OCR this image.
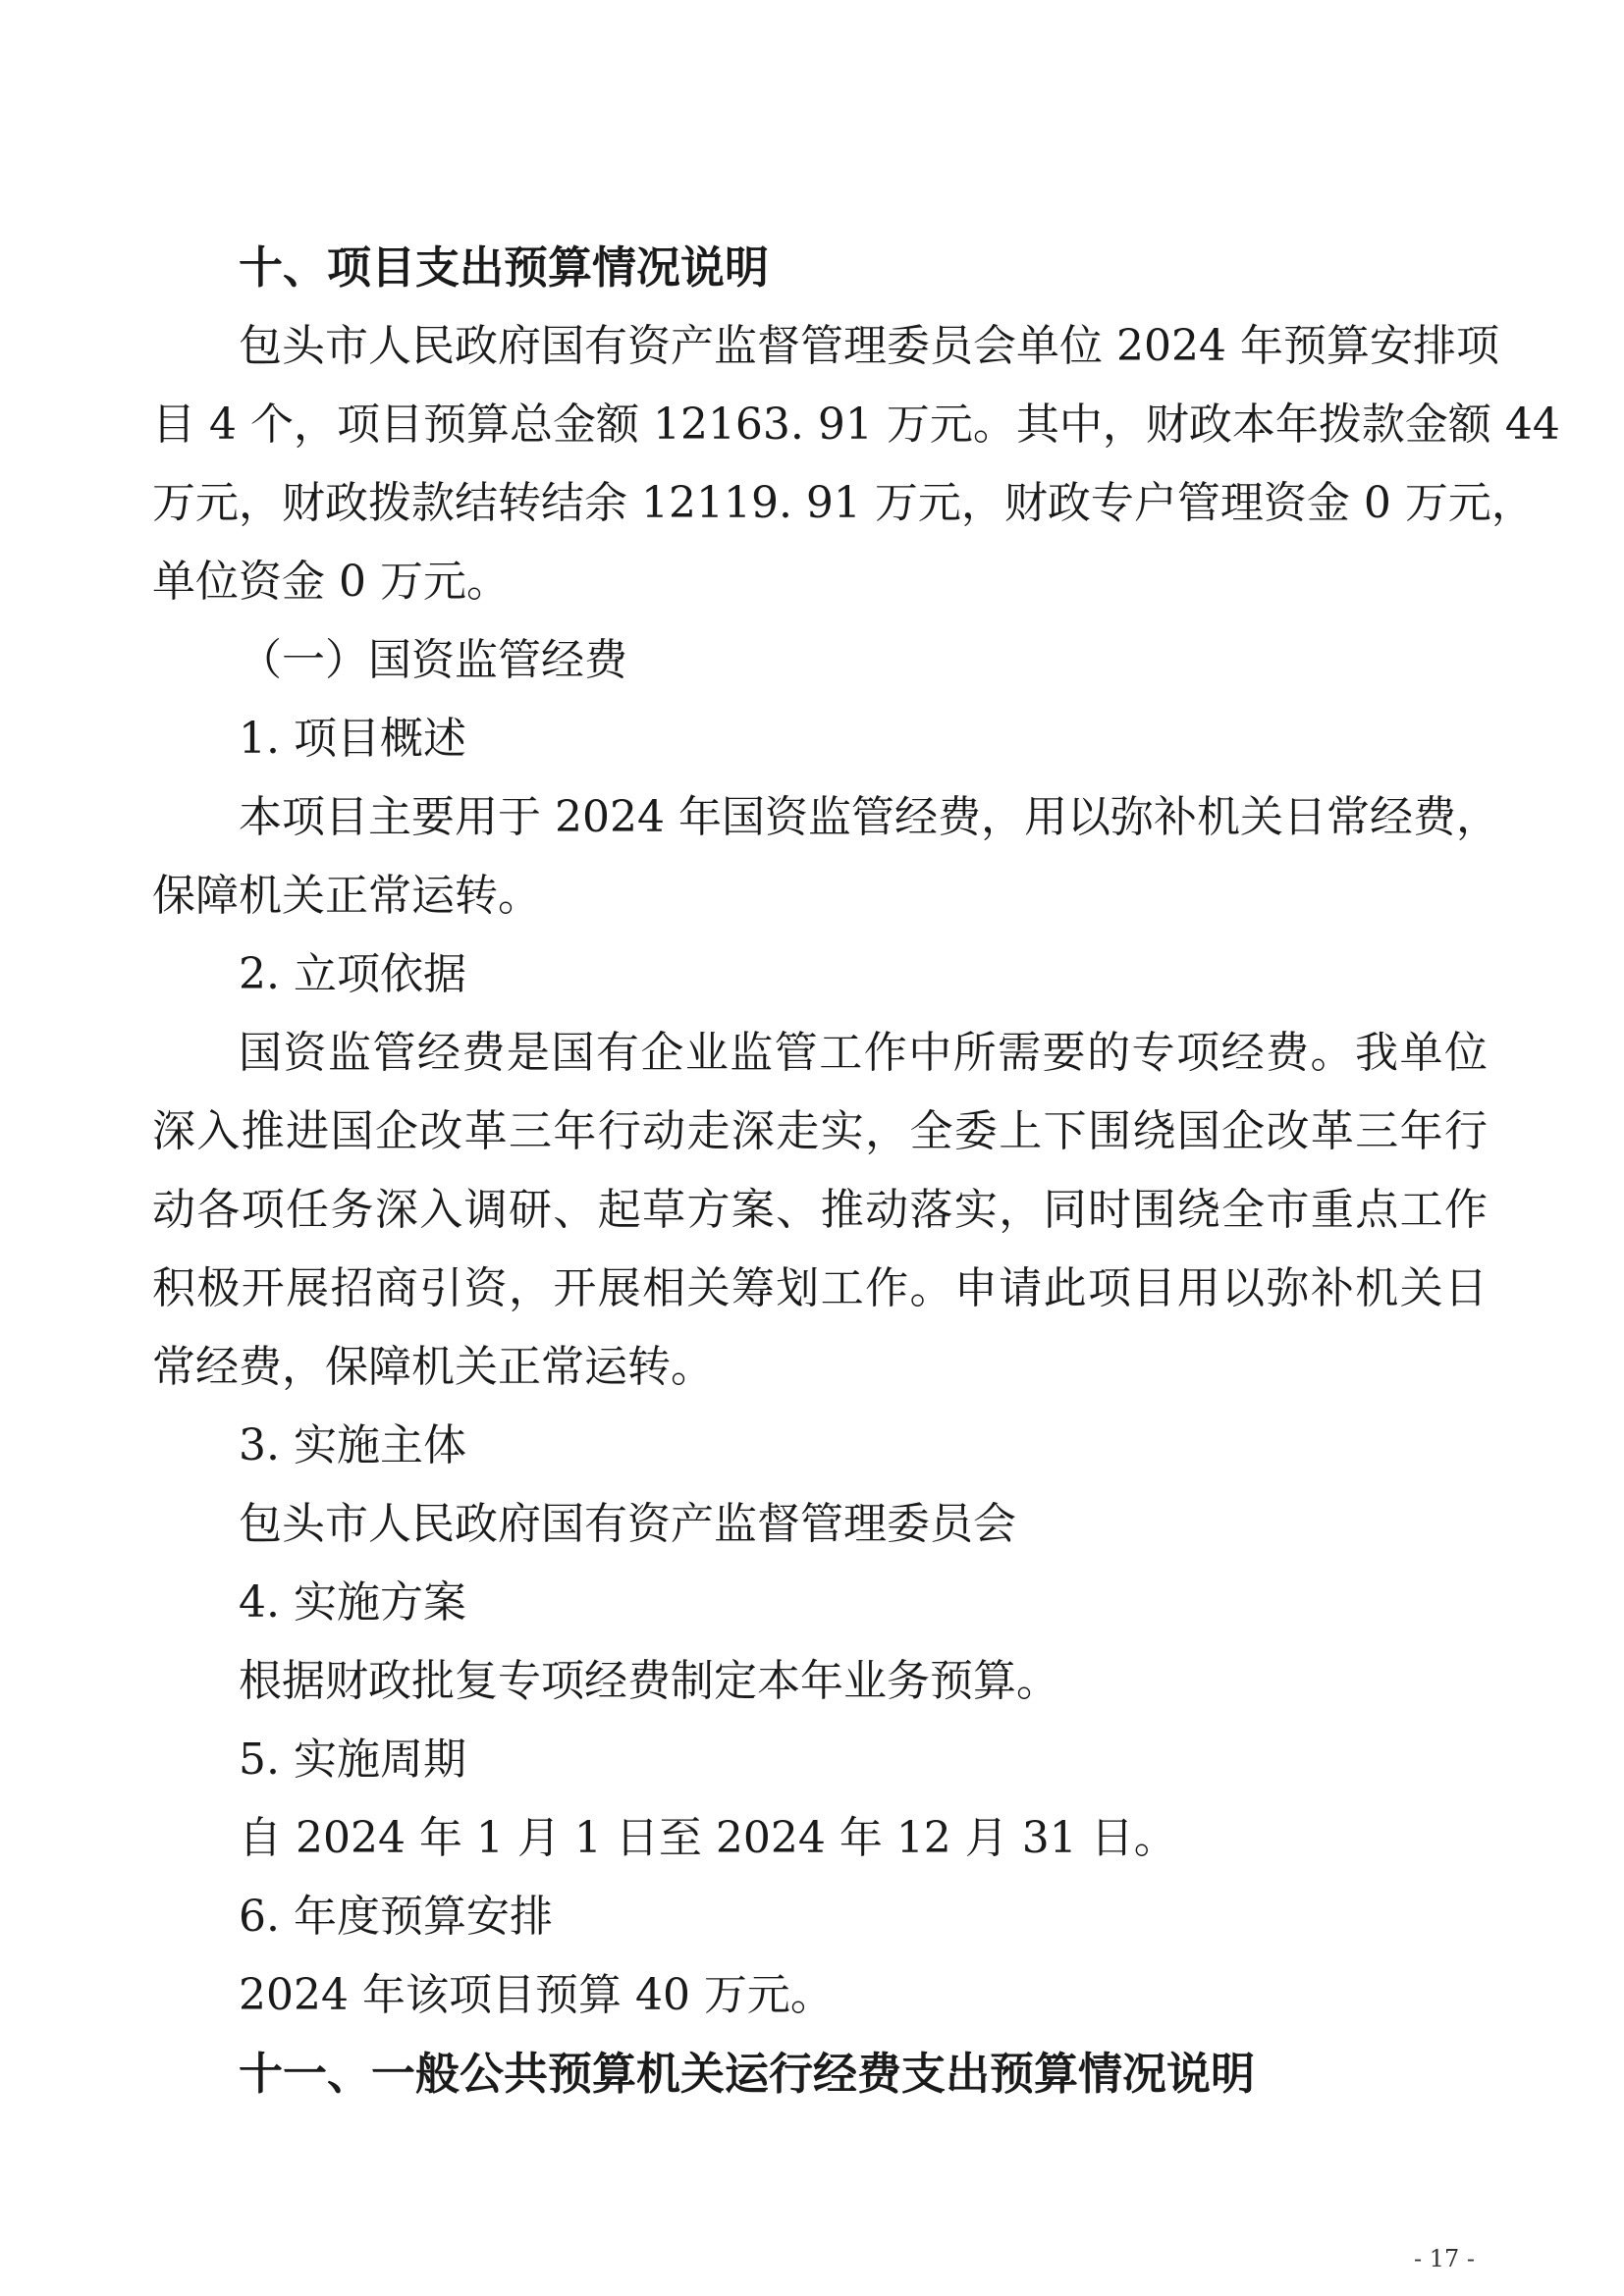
十、项目支出预算情况说明
包头市人民政府国有资产监督管理委员会单位 2024 年预算安排项
目 4 个，项目预算总金额 12163. 91 万元。其中，财政本年拨款金额 44
万元，财政拨款结转结余 12119. 91 万元，财政专户管理资金 0 万元，
单位资金 0 万元。
（一）国资监管经费
1. 项目概述
本项目主要用于 2024 年国资监管经费，用以弥补机关日常经费，
保障机关正常运转。
2. 立项依据
国资监管经费是国有企业监管工作中所需要的专项经费。我单位
深入推进国企改革三年行动走深走实，全委上下围绕国企改革三年行
动各项任务深入调研、起草方案、推动落实，同时围绕全市重点工作
积极开展招商引资，开展相关筹划工作。申请此项目用以弥补机关日
常经费，保障机关正常运转。
3. 实施主体
包头市人民政府国有资产监督管理委员会
4. 实施方案
根据财政批复专项经费制定本年业务预算。
5. 实施周期
自 2024 年 1 月 1 日至 2024 年 12 月 31 日。
6. 年度预算安排
2024 年该项目预算 40 万元。
十一、一般公共预算机关运行经费支出预算情况说明
- 17 -
